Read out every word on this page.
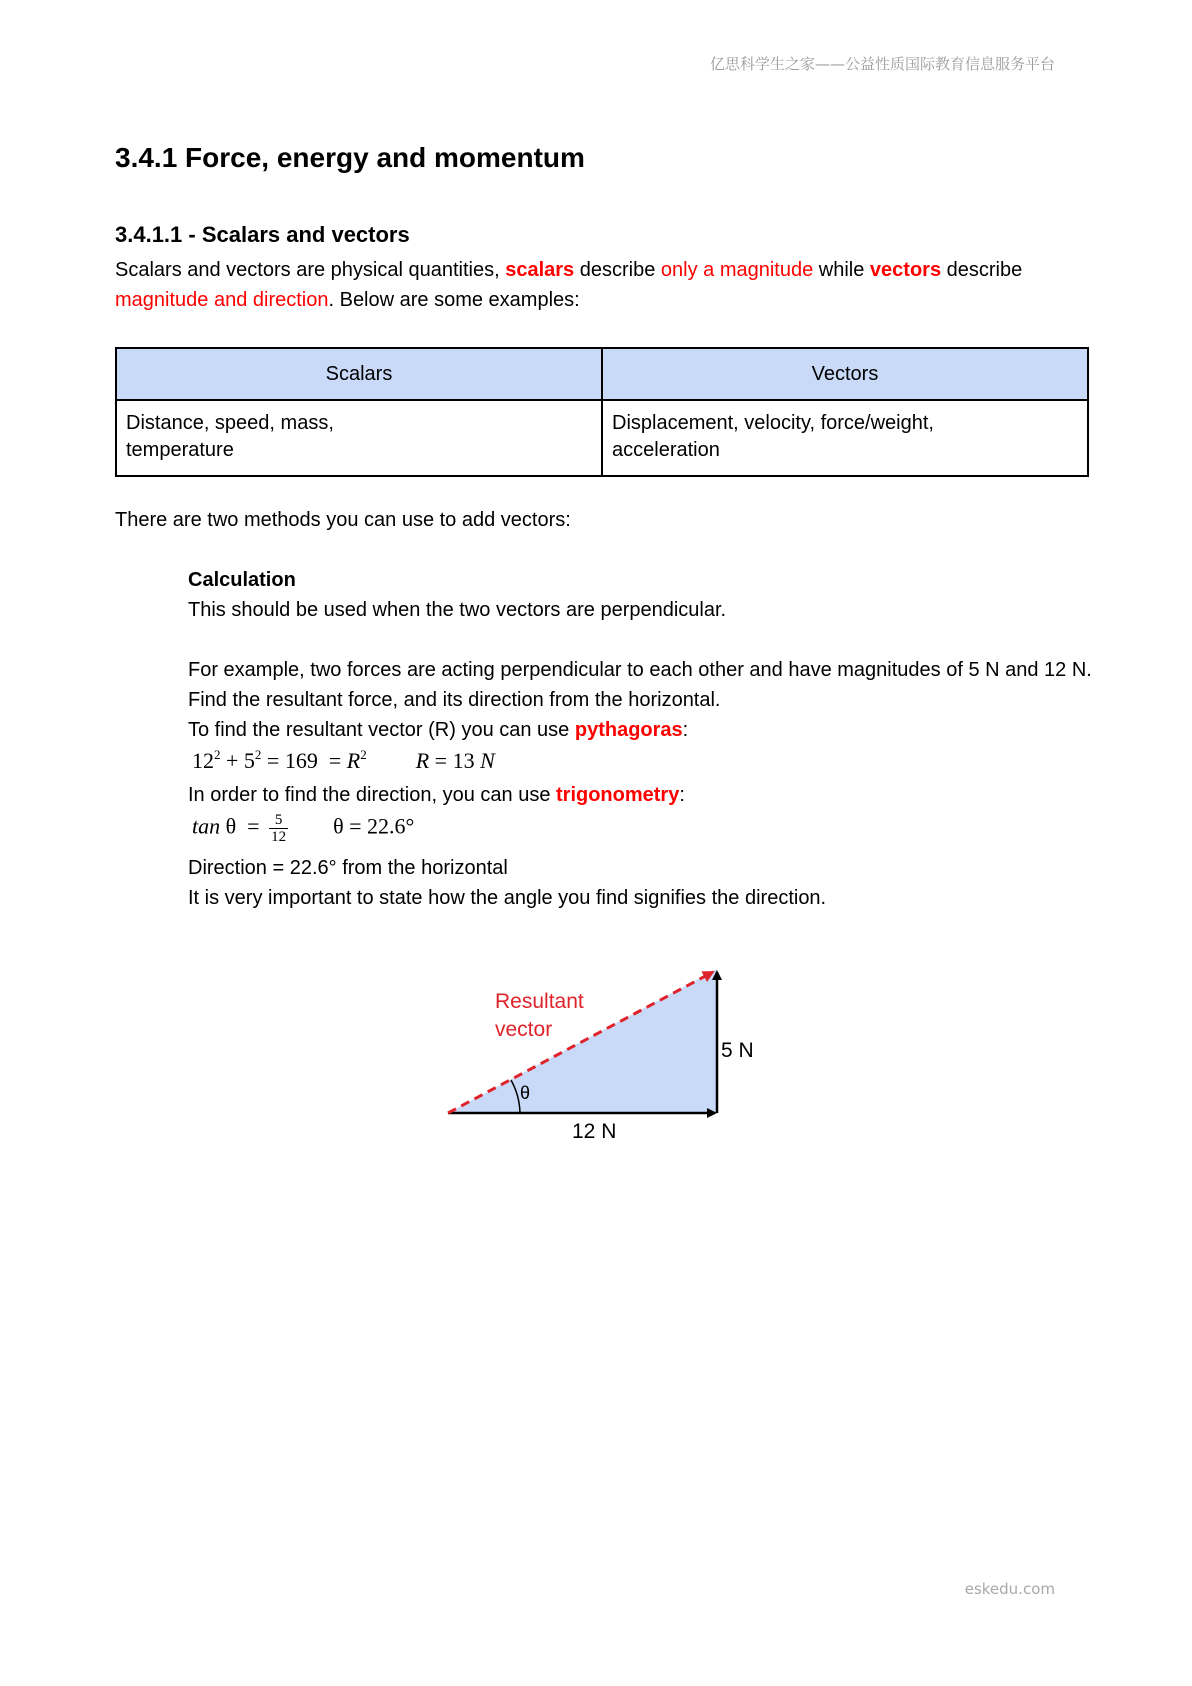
亿思科学生之家——公益性质国际教育信息服务平台
3.4.1 Force, energy and momentum
3.4.1.1 - Scalars and vectors

Scalars and vectors are physical quantities, scalars describe only a magnitude while vectors describe magnitude and direction. Below are some examples:

Scalars	Vectors

Distance, speed, mass, temperature	Displacement, velocity, force/weight, acceleration

There are two methods you can use to add vectors:

Calculation

This should be used when the two vectors are perpendicular.

For example, two forces are acting perpendicular to each other and have magnitudes of 5 N and 12 N. Find the resultant force, and its direction from the horizontal.

To find the resultant vector (R) you can use pythagoras:

$12^2 + 5^2 = 169 = R^2$ R = 13 N

In order to find the direction, you can use trigonometry:

$\tan \theta = \frac{5}{12}$ θ = 22.6°

Direction = 22.6° from the horizontal

It is very important to state how the angle you find signifies the direction.

θ
Resultant
vector
5 N
12 N
eskedu.com
